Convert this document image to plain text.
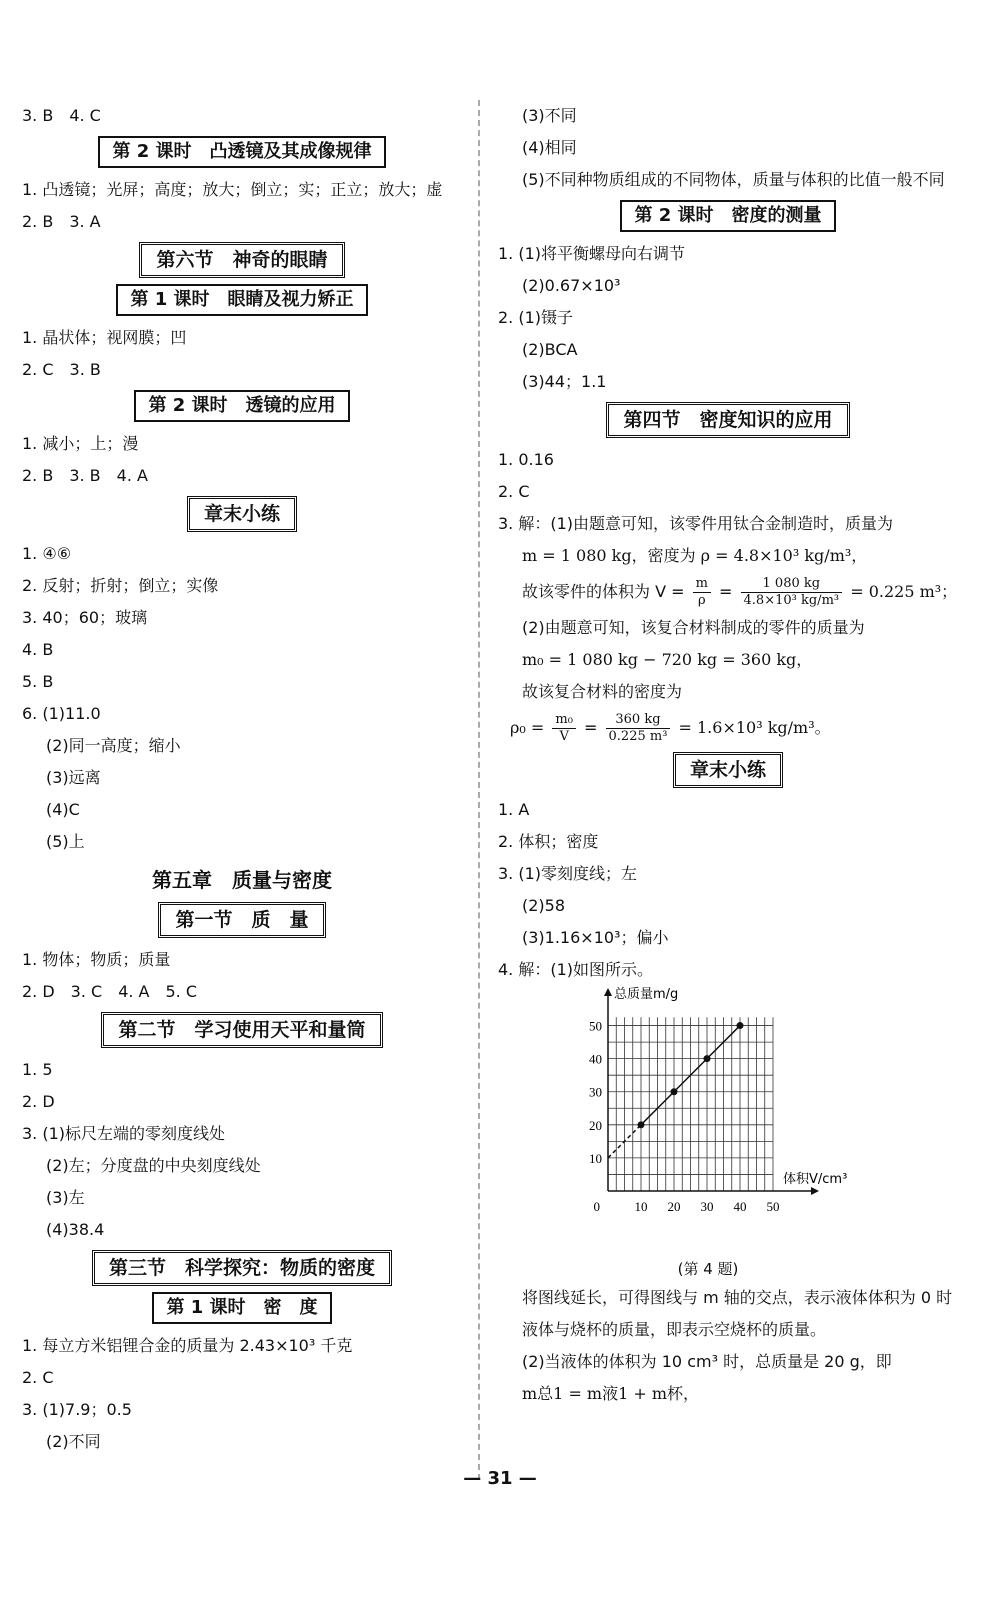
3. B　4. C
第 2 课时　凸透镜及其成像规律
1. 凸透镜；光屏；高度；放大；倒立；实；正立；放大；虚
2. B　3. A
第六节　神奇的眼睛
第 1 课时　眼睛及视力矫正
1. 晶状体；视网膜；凹
2. C　3. B
第 2 课时　透镜的应用
1. 减小；上；漫
2. B　3. B　4. A
章末小练
1. ④⑥
2. 反射；折射；倒立；实像
3. 40；60；玻璃
4. B
5. B
6. (1)11.0
(2)同一高度；缩小
(3)远离
(4)C
(5)上
第五章　质量与密度
第一节　质　量
1. 物体；物质；质量
2. D　3. C　4. A　5. C
第二节　学习使用天平和量筒
1. 5
2. D
3. (1)标尺左端的零刻度线处
(2)左；分度盘的中央刻度线处
(3)左
(4)38.4
第三节　科学探究：物质的密度
第 1 课时　密　度
1. 每立方米铝锂合金的质量为 2.43×10³ 千克
2. C
3. (1)7.9；0.5
(2)不同
(3)不同
(4)相同
(5)不同种物质组成的不同物体，质量与体积的比值一般不同
第 2 课时　密度的测量
1. (1)将平衡螺母向右调节
(2)0.67×10³
2. (1)镊子
(2)BCA
(3)44；1.1
第四节　密度知识的应用
1. 0.16
2. C
3. 解：(1)由题意可知，该零件用钛合金制造时，质量为
m = 1 080 kg，密度为 ρ = 4.8×10³ kg/m³，
故该零件的体积为 $V = \frac{m}{\rho} = \frac{1 080 kg}{\text{4.8×10³ kg/m³}} = 0.225$ m³；
(2)由题意可知，该复合材料制成的零件的质量为
m₀ = 1 080 kg − 720 kg = 360 kg，
故该复合材料的密度为
$\rho_0 = \frac{\text{m₀}}{V} = \frac{360 kg}{\text{0.225 m³}} = 1.6\times 10^3$ kg/m³。
章末小练
1. A
2. 体积；密度
3. (1)零刻度线；左
(2)58
(3)1.16×10³；偏小
4. 解：(1)如图所示。
10 20 30 40 50
10
20
30
40
50
0
总质量m/g
体积V/cm³
(第 4 题)
将图线延长，可得图线与 m 轴的交点，表示液体体积为 0 时液体与烧杯的质量，即表示空烧杯的质量。
(2)当液体的体积为 10 cm³ 时，总质量是 20 g，即
m总1 = m液1 + m杯，
— 31 —
